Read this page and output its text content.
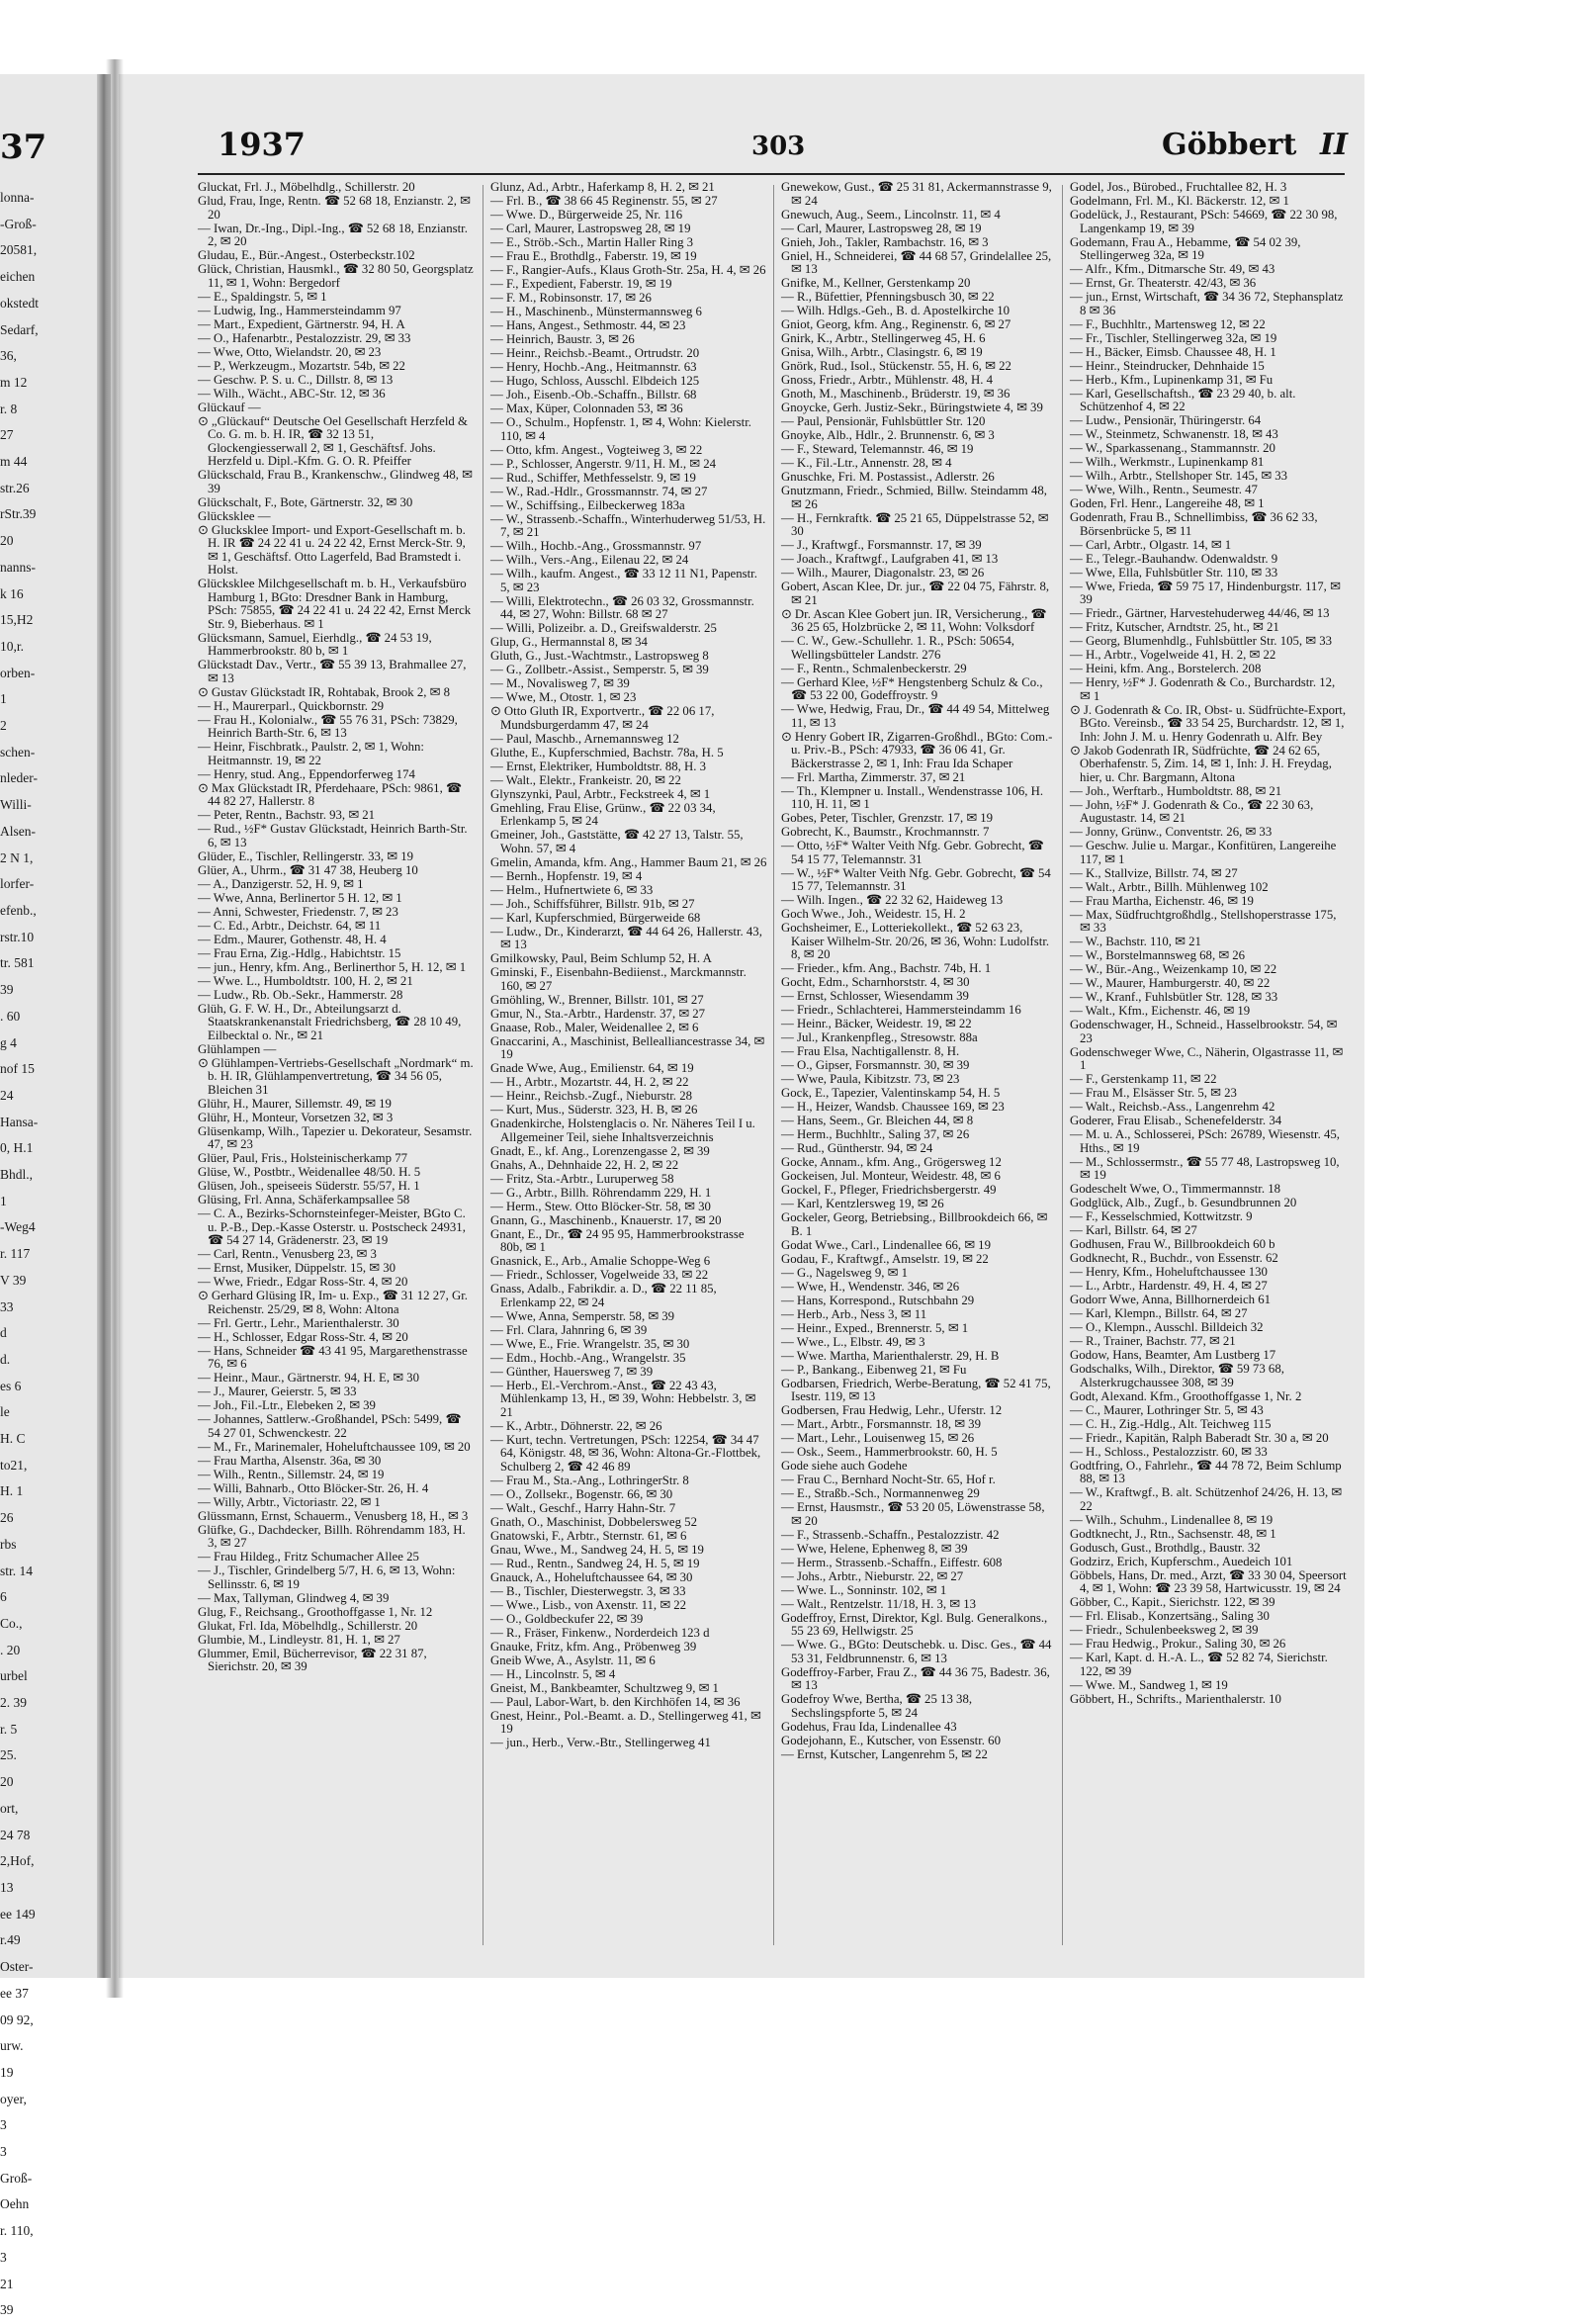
37
lonna-
-Groß-
20581,
eichen
okstedt
Sedarf,
36,
m 12
r. 8
27
m 44
str.26
rStr.39
20
nanns-
k 16
15,H2
10,r.
orben-
1
2
schen-
nleder-
Willi-
Alsen-
2 N 1,
lorfer-
efenb.,
rstr.10
tr. 581
39
. 60
g 4
nof 15
24
Hansa-
0, H.1
Bhdl.,
1
-Weg4
r. 117
V 39
33
d
d.
es 6
le
H. C
to21,
H. 1
26
rbs
str. 14
6
Co.,
. 20
urbel
2. 39
r. 5
25.
20
ort,
24 78
2,Hof,
13
ee 149
r.49
Oster-
ee 37
09 92,
urw.
19
oyer,
3
3
Groß-
Oehn
r. 110,
3
21
39
1937	303	Göbbert II
Gluckat, Frl. J., Möbelhdlg., Schillerstr. 20
Glud, Frau, Inge, Rentn. ☎ 52 68 18, Enzianstr. 2, ✉ 20
— Iwan, Dr.-Ing., Dipl.-Ing., ☎ 52 68 18, Enzianstr. 2, ✉ 20
Gludau, E., Bür.-Angest., Osterbeckstr.102
Glück, Christian, Hausmkl., ☎ 32 80 50, Georgsplatz 11, ✉ 1, Wohn: Bergedorf
— E., Spaldingstr. 5, ✉ 1
— Ludwig, Ing., Hammersteindamm 97
— Mart., Expedient, Gärtnerstr. 94, H. A
— O., Hafenarbtr., Pestalozzistr. 29, ✉ 33
— Wwe, Otto, Wielandstr. 20, ✉ 23
— P., Werkzeugm., Mozartstr. 54b, ✉ 22
— Geschw. P. S. u. C., Dillstr. 8, ✉ 13
— Wilh., Wächt., ABC-Str. 12, ✉ 36
Glückauf —
⊙ „Glückauf“ Deutsche Oel Gesellschaft Herzfeld & Co. G. m. b. H. IR, ☎ 32 13 51, Glockengiesserwall 2, ✉ 1, Geschäftsf. Johs. Herzfeld u. Dipl.-Kfm. G. O. R. Pfeiffer
Glückschald, Frau B., Krankenschw., Glindweg 48, ✉ 39
Glückschalt, F., Bote, Gärtnerstr. 32, ✉ 30
Glücksklee —
⊙ Glucksklee Import- und Export-Gesellschaft m. b. H. IR ☎ 24 22 41 u. 24 22 42, Ernst Merck-Str. 9, ✉ 1, Geschäftsf. Otto Lagerfeld, Bad Bramstedt i. Holst.
Glücksklee Milchgesellschaft m. b. H., Verkaufsbüro Hamburg 1, BGto: Dresdner Bank in Hamburg, PSch: 75855, ☎ 24 22 41 u. 24 22 42, Ernst Merck Str. 9, Bieberhaus. ✉ 1
Glücksmann, Samuel, Eierhdlg., ☎ 24 53 19, Hammerbrookstr. 80 b, ✉ 1
Glückstadt Dav., Vertr., ☎ 55 39 13, Brahmallee 27, ✉ 13
⊙ Gustav Glückstadt IR, Rohtabak, Brook 2, ✉ 8
— H., Maurerparl., Quickbornstr. 29
— Frau H., Kolonialw., ☎ 55 76 31, PSch: 73829, Heinrich Barth-Str. 6, ✉ 13
— Heinr, Fischbratk., Paulstr. 2, ✉ 1, Wohn: Heitmannstr. 19, ✉ 22
— Henry, stud. Ang., Eppendorferweg 174
⊙ Max Glückstadt IR, Pferdehaare, PSch: 9861, ☎ 44 82 27, Hallerstr. 8
— Peter, Rentn., Bachstr. 93, ✉ 21
— Rud., ½F* Gustav Glückstadt, Heinrich Barth-Str. 6, ✉ 13
Glüder, E., Tischler, Rellingerstr. 33, ✉ 19
Glüer, A., Uhrm., ☎ 31 47 38, Heuberg 10
— A., Danzigerstr. 52, H. 9, ✉ 1
— Wwe, Anna, Berlinertor 5 H. 12, ✉ 1
— Anni, Schwester, Friedenstr. 7, ✉ 23
— C. Ed., Arbtr., Deichstr. 64, ✉ 11
— Edm., Maurer, Gothenstr. 48, H. 4
— Frau Erna, Zig.-Hdlg., Habichtstr. 15
— jun., Henry, kfm. Ang., Berlinerthor 5, H. 12, ✉ 1
— Wwe. L., Humboldtstr. 100, H. 2, ✉ 21
— Ludw., Rb. Ob.-Sekr., Hammerstr. 28
Glüh, G. F. W. H., Dr., Abteilungsarzt d. Staatskrankenanstalt Friedrichsberg, ☎ 28 10 49, Eilbecktal o. Nr., ✉ 21
Glühlampen —
⊙ Glühlampen-Vertriebs-Gesellschaft „Nordmark“ m. b. H. IR, Glühlampenvertretung, ☎ 34 56 05, Bleichen 31
Glühr, H., Maurer, Sillemstr. 49, ✉ 19
Glühr, H., Monteur, Vorsetzen 32, ✉ 3
Glüsenkamp, Wilh., Tapezier u. Dekorateur, Sesamstr. 47, ✉ 23
Glüer, Paul, Fris., Holsteinischerkamp 77
Glüse, W., Postbtr., Weidenallee 48/50. H. 5
Glüsen, Joh., speiseeis Süderstr. 55/57, H. 1
Glüsing, Frl. Anna, Schäferkampsallee 58
— C. A., Bezirks-Schornsteinfeger-Meister, BGto C. u. P.-B., Dep.-Kasse Osterstr. u. Postscheck 24931, ☎ 54 27 14, Grädenerstr. 23, ✉ 19
— Carl, Rentn., Venusberg 23, ✉ 3
— Ernst, Musiker, Düppelstr. 15, ✉ 30
— Wwe, Friedr., Edgar Ross-Str. 4, ✉ 20
⊙ Gerhard Glüsing IR, Im- u. Exp., ☎ 31 12 27, Gr. Reichenstr. 25/29, ✉ 8, Wohn: Altona
— Frl. Gertr., Lehr., Marienthalerstr. 30
— H., Schlosser, Edgar Ross-Str. 4, ✉ 20
— Hans, Schneider ☎ 43 41 95, Margarethenstrasse 76, ✉ 6
— Heinr., Maur., Gärtnerstr. 94, H. E, ✉ 30
— J., Maurer, Geierstr. 5, ✉ 33
— Joh., Fil.-Ltr., Elebeken 2, ✉ 39
— Johannes, Sattlerw.-Großhandel, PSch: 5499, ☎ 54 27 01, Schwenckestr. 22
— M., Fr., Marinemaler, Hoheluftchaussee 109, ✉ 20
— Frau Martha, Alsenstr. 36a, ✉ 30
— Wilh., Rentn., Sillemstr. 24, ✉ 19
— Willi, Bahnarb., Otto Blöcker-Str. 26, H. 4
— Willy, Arbtr., Victoriastr. 22, ✉ 1
Glüssmann, Ernst, Schauerm., Venusberg 18, H., ✉ 3
Glüfke, G., Dachdecker, Billh. Röhrendamm 183, H. 3, ✉ 27
— Frau Hildeg., Fritz Schumacher Allee 25
— J., Tischler, Grindelberg 5/7, H. 6, ✉ 13, Wohn: Sellinsstr. 6, ✉ 19
— Max, Tallyman, Glindweg 4, ✉ 39
Glug, F., Reichsang., Groothoffgasse 1, Nr. 12
Glukat, Frl. Ida, Möbelhdlg., Schillerstr. 20
Glumbie, M., Lindleystr. 81, H. 1, ✉ 27
Glummer, Emil, Bücherrevisor, ☎ 22 31 87, Sierichstr. 20, ✉ 39
Glunz, Ad., Arbtr., Haferkamp 8, H. 2, ✉ 21
— Frl. B., ☎ 38 66 45 Reginenstr. 55, ✉ 27
— Wwe. D., Bürgerweide 25, Nr. 116
— Carl, Maurer, Lastropsweg 28, ✉ 19
— E., Ströb.-Sch., Martin Haller Ring 3
— Frau E., Brothdlg., Faberstr. 19, ✉ 19
— F., Rangier-Aufs., Klaus Groth-Str. 25a, H. 4, ✉ 26
— F., Expedient, Faberstr. 19, ✉ 19
— F. M., Robinsonstr. 17, ✉ 26
— H., Maschinenb., Münstermannsweg 6
— Hans, Angest., Sethmostr. 44, ✉ 23
— Heinrich, Baustr. 3, ✉ 26
— Heinr., Reichsb.-Beamt., Ortrudstr. 20
— Henry, Hochb.-Ang., Heitmannstr. 63
— Hugo, Schloss, Ausschl. Elbdeich 125
— Joh., Eisenb.-Ob.-Schaffn., Billstr. 68
— Max, Küper, Colonnaden 53, ✉ 36
— O., Schulm., Hopfenstr. 1, ✉ 4, Wohn: Kielerstr. 110, ✉ 4
— Otto, kfm. Angest., Vogteiweg 3, ✉ 22
— P., Schlosser, Angerstr. 9/11, H. M., ✉ 24
— Rud., Schiffer, Methfesselstr. 9, ✉ 19
— W., Rad.-Hdlr., Grossmannstr. 74, ✉ 27
— W., Schiffsing., Eilbeckerweg 183a
— W., Strassenb.-Schaffn., Winterhuderweg 51/53, H. 7, ✉ 21
— Wilh., Hochb.-Ang., Grossmannstr. 97
— Wilh., Vers.-Ang., Eilenau 22, ✉ 24
— Wilh., kaufm. Angest., ☎ 33 12 11 N1, Papenstr. 5, ✉ 23
— Willi, Elektrotechn., ☎ 26 03 32, Grossmannstr. 44, ✉ 27, Wohn: Billstr. 68 ✉ 27
— Willi, Polizeibr. a. D., Greifswalderstr. 25
Glup, G., Hermannstal 8, ✉ 34
Gluth, G., Just.-Wachtmstr., Lastropsweg 8
— G., Zollbetr.-Assist., Semperstr. 5, ✉ 39
— M., Novalisweg 7, ✉ 39
— Wwe, M., Otostr. 1, ✉ 23
⊙ Otto Gluth IR, Exportvertr., ☎ 22 06 17, Mundsburgerdamm 47, ✉ 24
— Paul, Maschb., Arnemannsweg 12
Gluthe, E., Kupferschmied, Bachstr. 78a, H. 5
— Ernst, Elektriker, Humboldtstr. 88, H. 3
— Walt., Elektr., Frankeistr. 20, ✉ 22
Glynszynki, Paul, Arbtr., Feckstreek 4, ✉ 1
Gmehling, Frau Elise, Grünw., ☎ 22 03 34, Erlenkamp 5, ✉ 24
Gmeiner, Joh., Gaststätte, ☎ 42 27 13, Talstr. 55, Wohn. 57, ✉ 4
Gmelin, Amanda, kfm. Ang., Hammer Baum 21, ✉ 26
— Bernh., Hopfenstr. 19, ✉ 4
— Helm., Hufnertwiete 6, ✉ 33
— Joh., Schiffsführer, Billstr. 91b, ✉ 27
— Karl, Kupferschmied, Bürgerweide 68
— Ludw., Dr., Kinderarzt, ☎ 44 64 26, Hallerstr. 43, ✉ 13
Gmilkowsky, Paul, Beim Schlump 52, H. A
Gminski, F., Eisenbahn-Bediienst., Marckmannstr. 160, ✉ 27
Gmöhling, W., Brenner, Billstr. 101, ✉ 27
Gmur, N., Sta.-Arbtr., Hardenstr. 37, ✉ 27
Gnaase, Rob., Maler, Weidenallee 2, ✉ 6
Gnaccarini, A., Maschinist, Bellealliancestrasse 34, ✉ 19
Gnade Wwe, Aug., Emilienstr. 64, ✉ 19
— H., Arbtr., Mozartstr. 44, H. 2, ✉ 22
— Heinr., Reichsb.-Zugf., Nieburstr. 28
— Kurt, Mus., Süderstr. 323, H. B, ✉ 26
Gnadenkirche, Holstenglacis o. Nr. Näheres Teil I u. Allgemeiner Teil, siehe Inhaltsverzeichnis
Gnadt, E., kf. Ang., Lorenzengasse 2, ✉ 39
Gnahs, A., Dehnhaide 22, H. 2, ✉ 22
— Fritz, Sta.-Arbtr., Luruperweg 58
— G., Arbtr., Billh. Röhrendamm 229, H. 1
— Herm., Stew. Otto Blöcker-Str. 58, ✉ 30
Gnann, G., Maschinenb., Knauerstr. 17, ✉ 20
Gnant, E., Dr., ☎ 24 95 95, Hammerbrookstrasse 80b, ✉ 1
Gnasnick, E., Arb., Amalie Schoppe-Weg 6
— Friedr., Schlosser, Vogelweide 33, ✉ 22
Gnass, Adalb., Fabrikdir. a. D., ☎ 22 11 85, Erlenkamp 22, ✉ 24
— Wwe, Anna, Semperstr. 58, ✉ 39
— Frl. Clara, Jahnring 6, ✉ 39
— Wwe, E., Frie. Wrangelstr. 35, ✉ 30
— Edm., Hochb.-Ang., Wrangelstr. 35
— Günther, Hauersweg 7, ✉ 39
— Herb., El.-Verchrom.-Anst., ☎ 22 43 43, Mühlenkamp 13, H., ✉ 39, Wohn: Hebbelstr. 3, ✉ 21
— K., Arbtr., Döhnerstr. 22, ✉ 26
— Kurt, techn. Vertretungen, PSch: 12254, ☎ 34 47 64, Königstr. 48, ✉ 36, Wohn: Altona-Gr.-Flottbek, Schulberg 2, ☎ 42 46 89
— Frau M., Sta.-Ang., LothringerStr. 8
— O., Zollsekr., Bogenstr. 66, ✉ 30
— Walt., Geschf., Harry Hahn-Str. 7
Gnath, O., Maschinist, Dobbelersweg 52
Gnatowski, F., Arbtr., Sternstr. 61, ✉ 6
Gnau, Wwe., M., Sandweg 24, H. 5, ✉ 19
— Rud., Rentn., Sandweg 24, H. 5, ✉ 19
Gnauck, A., Hoheluftchaussee 64, ✉ 30
— B., Tischler, Diesterwegstr. 3, ✉ 33
— Wwe., Lisb., von Axenstr. 11, ✉ 22
— O., Goldbeckufer 22, ✉ 39
— R., Fräser, Finkenw., Norderdeich 123 d
Gnauke, Fritz, kfm. Ang., Pröbenweg 39
Gneib Wwe, A., Asylstr. 11, ✉ 6
— H., Lincolnstr. 5, ✉ 4
Gneist, M., Bankbeamter, Schultzweg 9, ✉ 1
— Paul, Labor-Wart, b. den Kirchhöfen 14, ✉ 36
Gnest, Heinr., Pol.-Beamt. a. D., Stellingerweg 41, ✉ 19
— jun., Herb., Verw.-Btr., Stellingerweg 41
Gnewekow, Gust., ☎ 25 31 81, Ackermannstrasse 9, ✉ 24
Gnewuch, Aug., Seem., Lincolnstr. 11, ✉ 4
— Carl, Maurer, Lastropsweg 28, ✉ 19
Gnieh, Joh., Takler, Rambachstr. 16, ✉ 3
Gniel, H., Schneiderei, ☎ 44 68 57, Grindelallee 25, ✉ 13
Gnifke, M., Kellner, Gerstenkamp 20
— R., Büfettier, Pfenningsbusch 30, ✉ 22
— Wilh. Hdlgs.-Geh., B. d. Apostelkirche 10
Gniot, Georg, kfm. Ang., Reginenstr. 6, ✉ 27
Gnirk, K., Arbtr., Stellingerweg 45, H. 6
Gnisa, Wilh., Arbtr., Clasingstr. 6, ✉ 19
Gnörk, Rud., Isol., Stückenstr. 55, H. 6, ✉ 22
Gnoss, Friedr., Arbtr., Mühlenstr. 48, H. 4
Gnoth, M., Maschinenb., Brüderstr. 19, ✉ 36
Gnoycke, Gerh. Justiz-Sekr., Büringstwiete 4, ✉ 39
— Paul, Pensionär, Fuhlsbüttler Str. 120
Gnoyke, Alb., Hdlr., 2. Brunnenstr. 6, ✉ 3
— F., Steward, Telemannstr. 46, ✉ 19
— K., Fil.-Ltr., Annenstr. 28, ✉ 4
Gnuschke, Fri. M. Postassist., Adlerstr. 26
Gnutzmann, Friedr., Schmied, Billw. Steindamm 48, ✉ 26
— H., Fernkraftk. ☎ 25 21 65, Düppelstrasse 52, ✉ 30
— J., Kraftwgf., Forsmannstr. 17, ✉ 39
— Joach., Kraftwgf., Laufgraben 41, ✉ 13
— Wilh., Maurer, Diagonalstr. 23, ✉ 26
Gobert, Ascan Klee, Dr. jur., ☎ 22 04 75, Fährstr. 8, ✉ 21
⊙ Dr. Ascan Klee Gobert jun. IR, Versicherung., ☎ 36 25 65, Holzbrücke 2, ✉ 11, Wohn: Volksdorf
— C. W., Gew.-Schullehr. 1. R., PSch: 50654, Wellingsbütteler Landstr. 276
— F., Rentn., Schmalenbeckerstr. 29
— Gerhard Klee, ½F* Hengstenberg Schulz & Co., ☎ 53 22 00, Godeffroystr. 9
— Wwe, Hedwig, Frau, Dr., ☎ 44 49 54, Mittelweg 11, ✉ 13
⊙ Henry Gobert IR, Zigarren-Großhdl., BGto: Com.- u. Priv.-B., PSch: 47933, ☎ 36 06 41, Gr. Bäckerstrasse 2, ✉ 1, Inh: Frau Ida Schaper
— Frl. Martha, Zimmerstr. 37, ✉ 21
— Th., Klempner u. Install., Wendenstrasse 106, H. 110, H. 11, ✉ 1
Gobes, Peter, Tischler, Grenzstr. 17, ✉ 19
Gobrecht, K., Baumstr., Krochmannstr. 7
— Otto, ½F* Walter Veith Nfg. Gebr. Gobrecht, ☎ 54 15 77, Telemannstr. 31
— W., ½F* Walter Veith Nfg. Gebr. Gobrecht, ☎ 54 15 77, Telemannstr. 31
— Wilh. Ingen., ☎ 22 32 62, Haideweg 13
Goch Wwe., Joh., Weidestr. 15, H. 2
Gochsheimer, E., Lotteriekollekt., ☎ 52 63 23, Kaiser Wilhelm-Str. 20/26, ✉ 36, Wohn: Ludolfstr. 8, ✉ 20
— Frieder., kfm. Ang., Bachstr. 74b, H. 1
Gocht, Edm., Scharnhorststr. 4, ✉ 30
— Ernst, Schlosser, Wiesendamm 39
— Friedr., Schlachterei, Hammersteindamm 16
— Heinr., Bäcker, Weidestr. 19, ✉ 22
— Jul., Krankenpfleg., Stresowstr. 88a
— Frau Elsa, Nachtigallenstr. 8, H.
— O., Gipser, Forsmannstr. 30, ✉ 39
— Wwe, Paula, Kibitzstr. 73, ✉ 23
Gock, E., Tapezier, Valentinskamp 54, H. 5
— H., Heizer, Wandsb. Chaussee 169, ✉ 23
— Hans, Seem., Gr. Bleichen 44, ✉ 8
— Herm., Buchhltr., Saling 37, ✉ 26
— Rud., Güntherstr. 94, ✉ 24
Gocke, Annam., kfm. Ang., Grögersweg 12
Gockeisen, Jul. Monteur, Weidestr. 48, ✉ 6
Gockel, F., Pfleger, Friedrichsbergerstr. 49
— Karl, Kentzlersweg 19, ✉ 26
Gockeler, Georg, Betriebsing., Billbrookdeich 66, ✉ B. 1
Godat Wwe., Carl., Lindenallee 66, ✉ 19
Godau, F., Kraftwgf., Amselstr. 19, ✉ 22
— G., Nagelsweg 9, ✉ 1
— Wwe, H., Wendenstr. 346, ✉ 26
— Hans, Korrespond., Rutschbahn 29
— Herb., Arb., Ness 3, ✉ 11
— Heinr., Exped., Brennerstr. 5, ✉ 1
— Wwe., L., Elbstr. 49, ✉ 3
— Wwe. Martha, Marienthalerstr. 29, H. B
— P., Bankang., Eibenweg 21, ✉ Fu
Godbarsen, Friedrich, Werbe-Beratung, ☎ 52 41 75, Isestr. 119, ✉ 13
Godbersen, Frau Hedwig, Lehr., Uferstr. 12
— Mart., Arbtr., Forsmannstr. 18, ✉ 39
— Mart., Lehr., Louisenweg 15, ✉ 26
— Osk., Seem., Hammerbrookstr. 60, H. 5
Gode siehe auch Godehe
— Frau C., Bernhard Nocht-Str. 65, Hof r.
— E., Straßb.-Sch., Normannenweg 29
— Ernst, Hausmstr., ☎ 53 20 05, Löwenstrasse 58, ✉ 20
— F., Strassenb.-Schaffn., Pestalozzistr. 42
— Wwe, Helene, Ephenweg 8, ✉ 39
— Herm., Strassenb.-Schaffn., Eiffestr. 608
— Johs., Arbtr., Nieburstr. 22, ✉ 27
— Wwe. L., Sonninstr. 102, ✉ 1
— Walt., Rentzelstr. 11/18, H. 3, ✉ 13
Godeffroy, Ernst, Direktor, Kgl. Bulg. Generalkons., 55 23 69, Hellwigstr. 25
— Wwe. G., BGto: Deutschebk. u. Disc. Ges., ☎ 44 53 31, Feldbrunnenstr. 6, ✉ 13
Godeffroy-Farber, Frau Z., ☎ 44 36 75, Badestr. 36, ✉ 13
Godefroy Wwe, Bertha, ☎ 25 13 38, Sechslingspforte 5, ✉ 24
Godehus, Frau Ida, Lindenallee 43
Godejohann, E., Kutscher, von Essenstr. 60
— Ernst, Kutscher, Langenrehm 5, ✉ 22
Godel, Jos., Bürobed., Fruchtallee 82, H. 3
Godelmann, Frl. M., Kl. Bäckerstr. 12, ✉ 1
Godelück, J., Restaurant, PSch: 54669, ☎ 22 30 98, Langenkamp 19, ✉ 39
Godemann, Frau A., Hebamme, ☎ 54 02 39, Stellingerweg 32a, ✉ 19
— Alfr., Kfm., Ditmarsche Str. 49, ✉ 43
— Ernst, Gr. Theaterstr. 42/43, ✉ 36
— jun., Ernst, Wirtschaft, ☎ 34 36 72, Stephansplatz 8 ✉ 36
— F., Buchhltr., Martensweg 12, ✉ 22
— Fr., Tischler, Stellingerweg 32a, ✉ 19
— H., Bäcker, Eimsb. Chaussee 48, H. 1
— Heinr., Steindrucker, Dehnhaide 15
— Herb., Kfm., Lupinenkamp 31, ✉ Fu
— Karl, Gesellschaftsh., ☎ 23 29 40, b. alt. Schützenhof 4, ✉ 22
— Ludw., Pensionär, Thüringerstr. 64
— W., Steinmetz, Schwanenstr. 18, ✉ 43
— W., Sparkassenang., Stammannstr. 20
— Wilh., Werkmstr., Lupinenkamp 81
— Wilh., Arbtr., Stellshoper Str. 145, ✉ 33
— Wwe, Wilh., Rentn., Seumestr. 47
Goden, Frl. Henr., Langereihe 48, ✉ 1
Godenrath, Frau B., Schnellimbiss, ☎ 36 62 33, Börsenbrücke 5, ✉ 11
— Carl, Arbtr., Olgastr. 14, ✉ 1
— E., Telegr.-Bauhandw. Odenwaldstr. 9
— Wwe, Ella, Fuhlsbütler Str. 110, ✉ 33
— Wwe, Frieda, ☎ 59 75 17, Hindenburgstr. 117, ✉ 39
— Friedr., Gärtner, Harvestehuderweg 44/46, ✉ 13
— Fritz, Kutscher, Arndtstr. 25, ht., ✉ 21
— Georg, Blumenhdlg., Fuhlsbüttler Str. 105, ✉ 33
— H., Arbtr., Vogelweide 41, H. 2, ✉ 22
— Heini, kfm. Ang., Borstelerch. 208
— Henry, ½F* J. Godenrath & Co., Burchardstr. 12, ✉ 1
⊙ J. Godenrath & Co. IR, Obst- u. Südfrüchte-Export, BGto. Vereinsb., ☎ 33 54 25, Burchardstr. 12, ✉ 1, Inh: John J. M. u. Henry Godenrath u. Alfr. Bey
⊙ Jakob Godenrath IR, Südfrüchte, ☎ 24 62 65, Oberhafenstr. 5, Zim. 14, ✉ 1, Inh: J. H. Freydag, hier, u. Chr. Bargmann, Altona
— Joh., Werftarb., Humboldtstr. 88, ✉ 21
— John, ½F* J. Godenrath & Co., ☎ 22 30 63, Augustastr. 14, ✉ 21
— Jonny, Grünw., Conventstr. 26, ✉ 33
— Geschw. Julie u. Margar., Konfitüren, Langereihe 117, ✉ 1
— K., Stallvize, Billstr. 74, ✉ 27
— Walt., Arbtr., Billh. Mühlenweg 102
— Frau Martha, Eichenstr. 46, ✉ 19
— Max, Südfruchtgroßhdlg., Stellshoperstrasse 175, ✉ 33
— W., Bachstr. 110, ✉ 21
— W., Borstelmannsweg 68, ✉ 26
— W., Bür.-Ang., Weizenkamp 10, ✉ 22
— W., Maurer, Hamburgerstr. 40, ✉ 22
— W., Kranf., Fuhlsbütler Str. 128, ✉ 33
— Walt., Kfm., Eichenstr. 46, ✉ 19
Godenschwager, H., Schneid., Hasselbrookstr. 54, ✉ 23
Godenschweger Wwe, C., Näherin, Olgastrasse 11, ✉ 1
— F., Gerstenkamp 11, ✉ 22
— Frau M., Elsässer Str. 5, ✉ 23
— Walt., Reichsb.-Ass., Langenrehm 42
Goderer, Frau Elisab., Schenefelderstr. 34
— M. u. A., Schlosserei, PSch: 26789, Wiesenstr. 45, Hths., ✉ 19
— M., Schlossermstr., ☎ 55 77 48, Lastropsweg 10, ✉ 19
Godeschelt Wwe, O., Timmermannstr. 18
Godglück, Alb., Zugf., b. Gesundbrunnen 20
— F., Kesselschmied, Kottwitzstr. 9
— Karl, Billstr. 64, ✉ 27
Godhusen, Frau W., Billbrookdeich 60 b
Godknecht, R., Buchdr., von Essenstr. 62
— Henry, Kfm., Hoheluftchaussee 130
— L., Arbtr., Hardenstr. 49, H. 4, ✉ 27
Godorr Wwe, Anna, Billhornerdeich 61
— Karl, Klempn., Billstr. 64, ✉ 27
— O., Klempn., Ausschl. Billdeich 32
— R., Trainer, Bachstr. 77, ✉ 21
Godow, Hans, Beamter, Am Lustberg 17
Godschalks, Wilh., Direktor, ☎ 59 73 68, Alsterkrugchaussee 308, ✉ 39
Godt, Alexand. Kfm., Groothoffgasse 1, Nr. 2
— C., Maurer, Lothringer Str. 5, ✉ 43
— C. H., Zig.-Hdlg., Alt. Teichweg 115
— Friedr., Kapitän, Ralph Baberadt Str. 30 a, ✉ 20
— H., Schloss., Pestalozzistr. 60, ✉ 33
Godtfring, O., Fahrlehr., ☎ 44 78 72, Beim Schlump 88, ✉ 13
— W., Kraftwgf., B. alt. Schützenhof 24/26, H. 13, ✉ 22
— Wilh., Schuhm., Lindenallee 8, ✉ 19
Godtknecht, J., Rtn., Sachsenstr. 48, ✉ 1
Godusch, Gust., Brothdlg., Baustr. 32
Godzirz, Erich, Kupferschm., Auedeich 101
Göbbels, Hans, Dr. med., Arzt, ☎ 33 30 04, Speersort 4, ✉ 1, Wohn: ☎ 23 39 58, Hartwicusstr. 19, ✉ 24
Göbber, C., Kapit., Sierichstr. 122, ✉ 39
— Frl. Elisab., Konzertsäng., Saling 30
— Friedr., Schulenbeeksweg 2, ✉ 39
— Frau Hedwig., Prokur., Saling 30, ✉ 26
— Karl, Kapt. d. H.-A. L., ☎ 52 82 74, Sierichstr. 122, ✉ 39
— Wwe. M., Sandweg 1, ✉ 19
Göbbert, H., Schrifts., Marienthalerstr. 10
